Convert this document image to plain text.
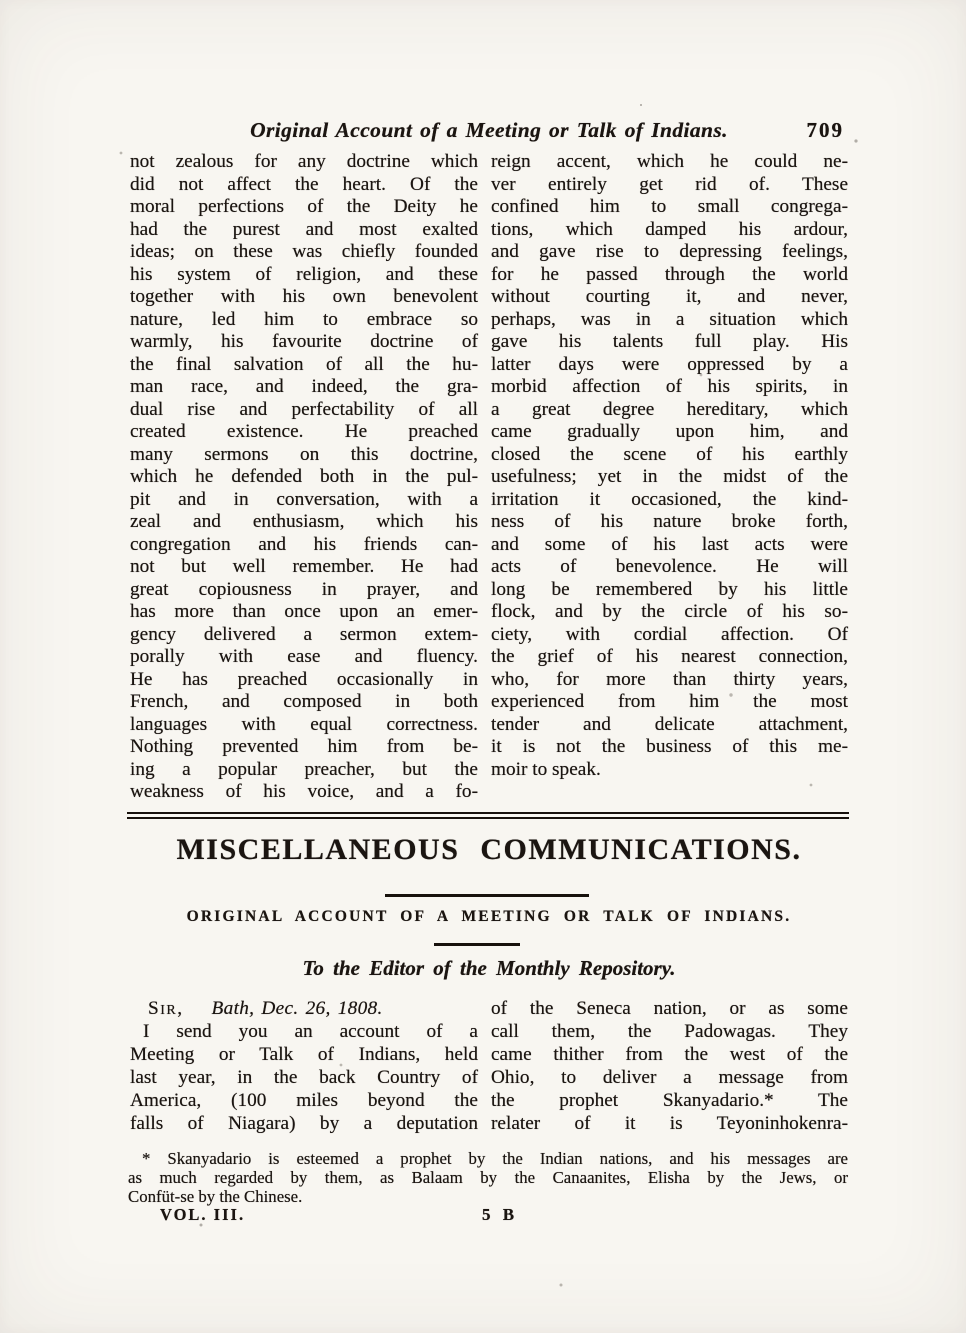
Original Account of a Meeting or Talk of Indians.	709
not zealous for any doctrine which
did not affect the heart. Of the
moral perfections of the Deity he
had the purest and most exalted
ideas; on these was chiefly founded
his system of religion, and these
together with his own benevolent
nature, led him to embrace so
warmly, his favourite doctrine of
the final salvation of all the hu-
man race, and indeed, the gra-
dual rise and perfectability of all
created existence. He preached
many sermons on this doctrine,
which he defended both in the pul-
pit and in conversation, with a
zeal and enthusiasm, which his
congregation and his friends can-
not but well remember. He had
great copiousness in prayer, and
has more than once upon an emer-
gency delivered a sermon extem-
porally with ease and fluency.
He has preached occasionally in
French, and composed in both
languages with equal correctness.
Nothing prevented him from be-
ing a popular preacher, but the
weakness of his voice, and a fo-
reign accent, which he could ne-
ver entirely get rid of. These
confined him to small congrega-
tions, which damped his ardour,
and gave rise to depressing feelings,
for he passed through the world
without courting it, and never,
perhaps, was in a situation which
gave his talents full play. His
latter days were oppressed by a
morbid affection of his spirits, in
a great degree hereditary, which
came gradually upon him, and
closed the scene of his earthly
usefulness; yet in the midst of the
irritation it occasioned, the kind-
ness of his nature broke forth,
and some of his last acts were
acts of benevolence. He will
long be remembered by his little
flock, and by the circle of his so-
ciety, with cordial affection. Of
the grief of his nearest connection,
who, for more than thirty years,
experienced from him the most
tender and delicate attachment,
it is not the business of this me-
moir to speak.
MISCELLANEOUS COMMUNICATIONS.
ORIGINAL ACCOUNT OF A MEETING OR TALK OF INDIANS.
To the Editor of the Monthly Repository.
Sir, Bath, Dec. 26, 1808.
I send you an account of a
Meeting or Talk of Indians, held
last year, in the back Country of
America, (100 miles beyond the
falls of Niagara) by a deputation
of the Seneca nation, or as some
call them, the Padowagas. They
came thither from the west of the
Ohio, to deliver a message from
the prophet Skanyadario.* The
relater of it is Teyoninhokenra-
* Skanyadario is esteemed a prophet by the Indian nations, and his messages are
as much regarded by them, as Balaam by the Canaanites, Elisha by the Jews, or
Confüt-se by the Chinese.
VOL. III.	5 B
